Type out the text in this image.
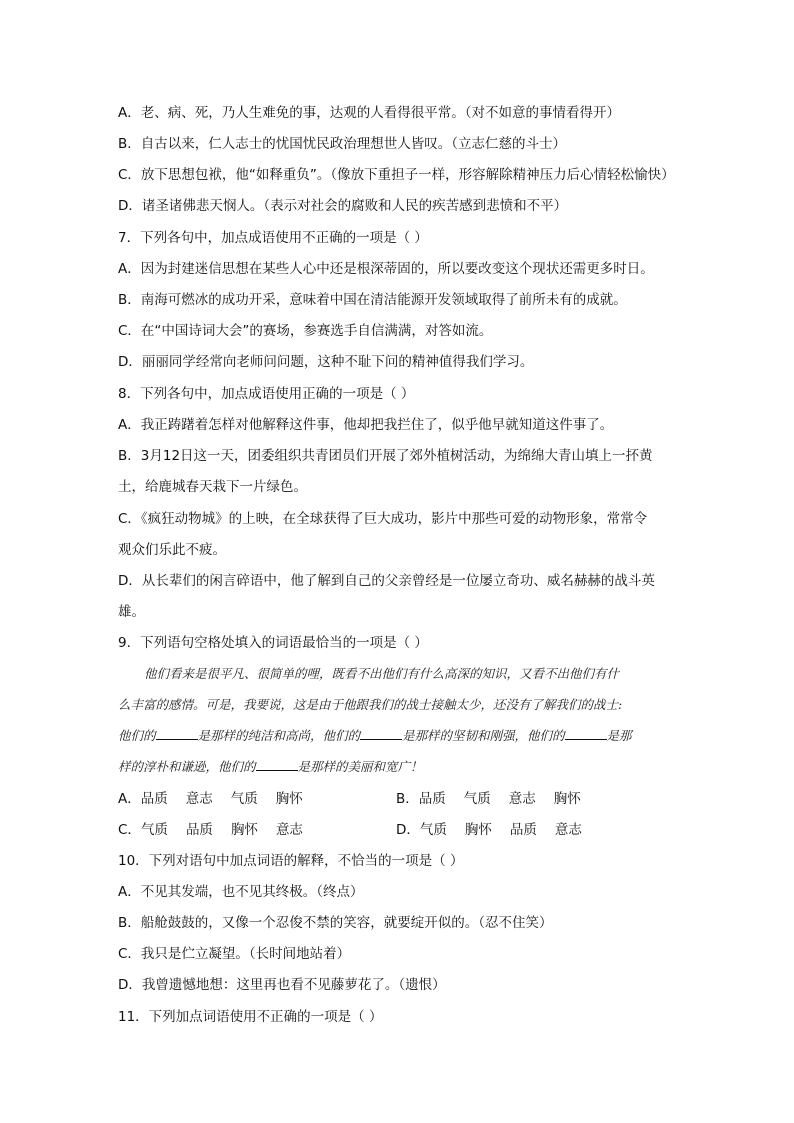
A．老、病、死，乃人生难免的事，达观的人看得很平常。（对不如意的事情看得开）
B．自古以来，仁人志士的忧国忧民政治理想世人皆叹。（立志仁慈的斗士）
C．放下思想包袱，他“如释重负”。（像放下重担子一样，形容解除精神压力后心情轻松愉快）
D．诸圣诸佛悲天悯人。（表示对社会的腐败和人民的疾苦感到悲愤和不平）
7．下列各句中，加点成语使用不正确的一项是（ ）
A．因为封建迷信思想在某些人心中还是根深蒂固的，所以要改变这个现状还需更多时日。
B．南海可燃冰的成功开采，意味着中国在清洁能源开发领域取得了前所未有的成就。
C．在“中国诗词大会”的赛场，参赛选手自信满满，对答如流。
D．丽丽同学经常向老师问问题，这种不耻下问的精神值得我们学习。
8．下列各句中，加点成语使用正确的一项是（ ）
A．我正踌躇着怎样对他解释这件事，他却把我拦住了，似乎他早就知道这件事了。
B．3月12日这一天，团委组织共青团员们开展了郊外植树活动，为绵绵大青山填上一抔黄
土，给鹿城春天栽下一片绿色。
C．《疯狂动物城》的上映，在全球获得了巨大成功，影片中那些可爱的动物形象，常常令
观众们乐此不疲。
D．从长辈们的闲言碎语中，他了解到自己的父亲曾经是一位屡立奇功、威名赫赫的战斗英
雄。
9．下列语句空格处填入的词语最恰当的一项是（ ）
他们看来是很平凡、很简单的哩，既看不出他们有什么高深的知识，又看不出他们有什
么丰富的感情。可是，我要说，这是由于他跟我们的战士接触太少，还没有了解我们的战士:
他们的	是那样的纯洁和高尚，他们的	是那样的坚韧和刚强，他们的	是那
样的淳朴和谦逊，他们的	是那样的美丽和宽广！
A．品质 意志 气质 胸怀	B．品质 气质 意志 胸怀
C．气质 品质 胸怀 意志	D．气质 胸怀 品质 意志
10．下列对语句中加点词语的解释，不恰当的一项是（ ）
A．不见其发端，也不见其终极。（终点）
B．船舱鼓鼓的，又像一个忍俊不禁的笑容，就要绽开似的。（忍不住笑）
C．我只是伫立凝望。（长时间地站着）
D．我曾遗憾地想：这里再也看不见藤萝花了。（遗恨）
11．下列加点词语使用不正确的一项是（ ）
